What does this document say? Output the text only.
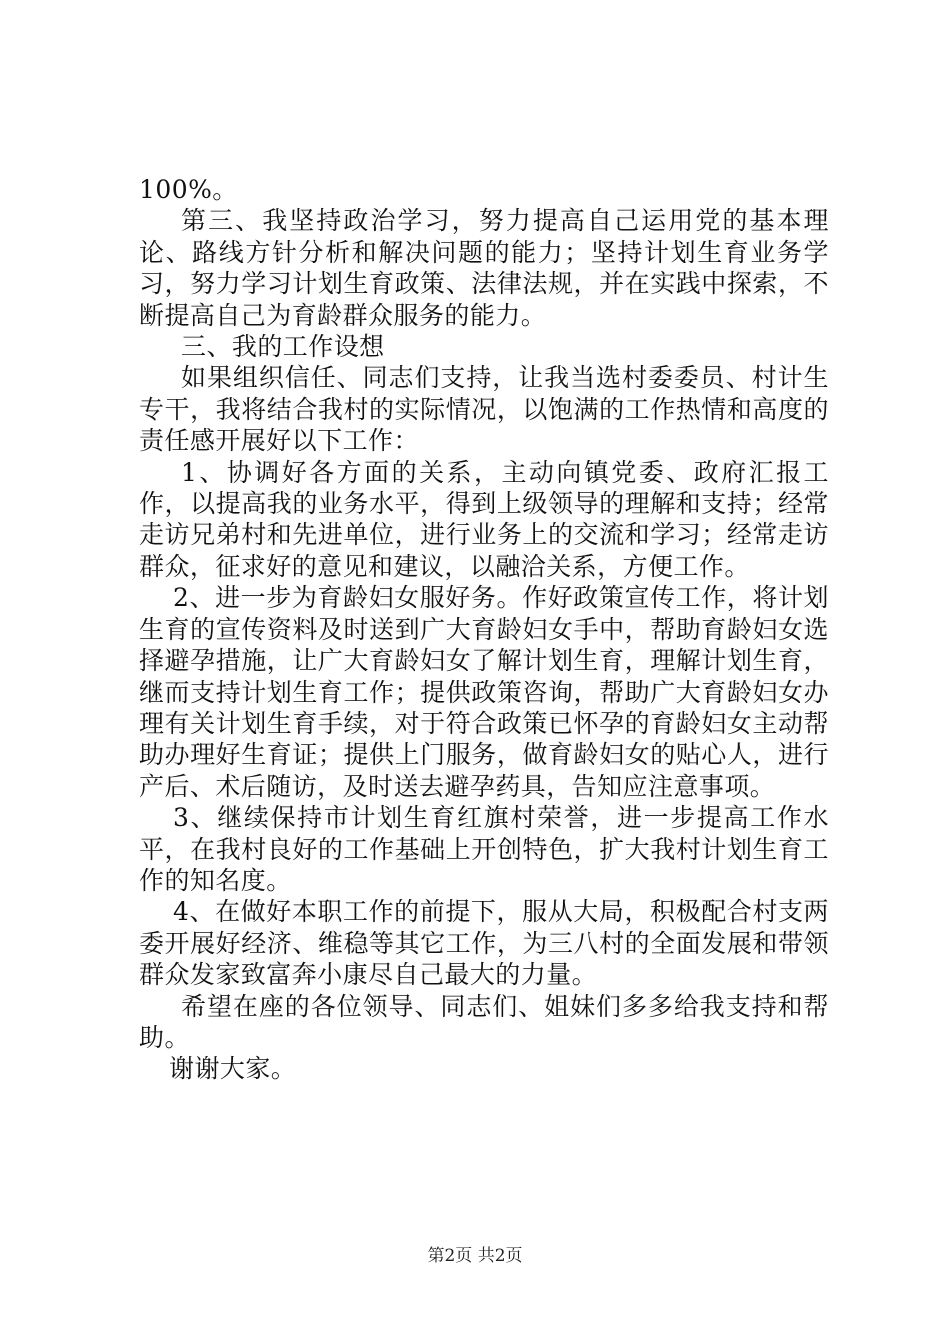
100%。

第三、我坚持政治学习，努力提高自己运用党的基本理论、路线方针分析和解决问题的能力；坚持计划生育业务学习，努力学习计划生育政策、法律法规，并在实践中探索，不断提高自己为育龄群众服务的能力。

三、我的工作设想

如果组织信任、同志们支持，让我当选村委委员、村计生专干，我将结合我村的实际情况，以饱满的工作热情和高度的责任感开展好以下工作：

1、协调好各方面的关系，主动向镇党委、政府汇报工作，以提高我的业务水平，得到上级领导的理解和支持；经常走访兄弟村和先进单位，进行业务上的交流和学习；经常走访群众，征求好的意见和建议，以融洽关系，方便工作。

2、进一步为育龄妇女服好务。作好政策宣传工作，将计划生育的宣传资料及时送到广大育龄妇女手中，帮助育龄妇女选择避孕措施，让广大育龄妇女了解计划生育，理解计划生育，继而支持计划生育工作；提供政策咨询，帮助广大育龄妇女办理有关计划生育手续，对于符合政策已怀孕的育龄妇女主动帮助办理好生育证；提供上门服务，做育龄妇女的贴心人，进行产后、术后随访，及时送去避孕药具，告知应注意事项。

3、继续保持市计划生育红旗村荣誉，进一步提高工作水平，在我村良好的工作基础上开创特色，扩大我村计划生育工作的知名度。

4、在做好本职工作的前提下，服从大局，积极配合村支两委开展好经济、维稳等其它工作，为三八村的全面发展和带领群众发家致富奔小康尽自己最大的力量。

希望在座的各位领导、同志们、姐妹们多多给我支持和帮助。

谢谢大家。

第2页 共2页
